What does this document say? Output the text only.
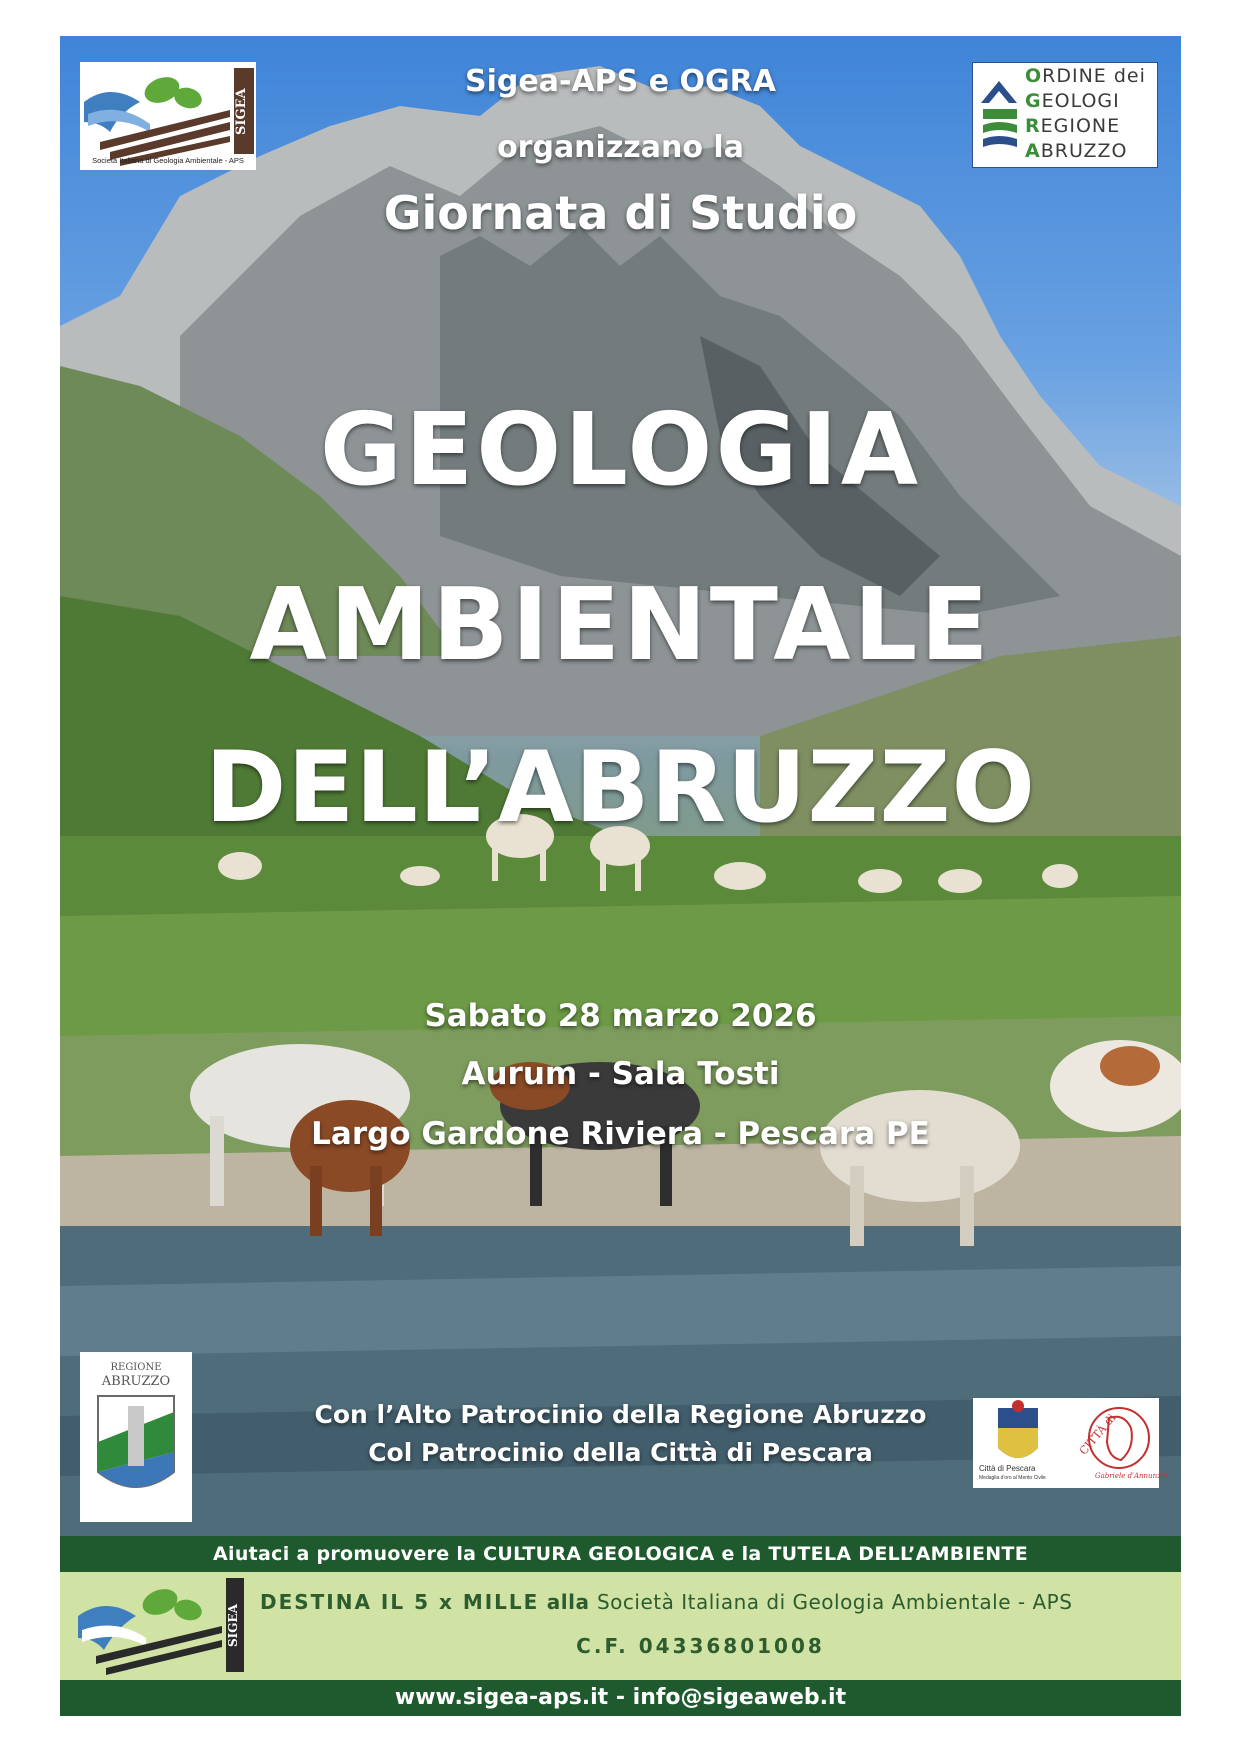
Sigea-APS e OGRA
organizzano la
Giornata di Studio
GEOLOGIA
AMBIENTALE
DELL’ABRUZZO
Sabato 28 marzo 2026
Aurum - Sala Tosti
Largo Gardone Riviera - Pescara PE
Con l’Alto Patrocinio della Regione Abruzzo
Col Patrocinio della Città di Pescara
SIGEA
Società Italiana di Geologia Ambientale - APS
ORDINE dei
GEOLOGI
REGIONE
ABRUZZO
REGIONE
ABRUZZO
Città di Pescara
Medaglia d'oro al Merito Civile
CITTÀ di
Gabriele d'Annunzio
Aiutaci a promuovere la CULTURA GEOLOGICA e la TUTELA DELL’AMBIENTE
SIGEA
DESTINA IL 5 x MILLE alla Società Italiana di Geologia Ambientale - APS
C.F. 04336801008
www.sigea-aps.it - info@sigeaweb.it
